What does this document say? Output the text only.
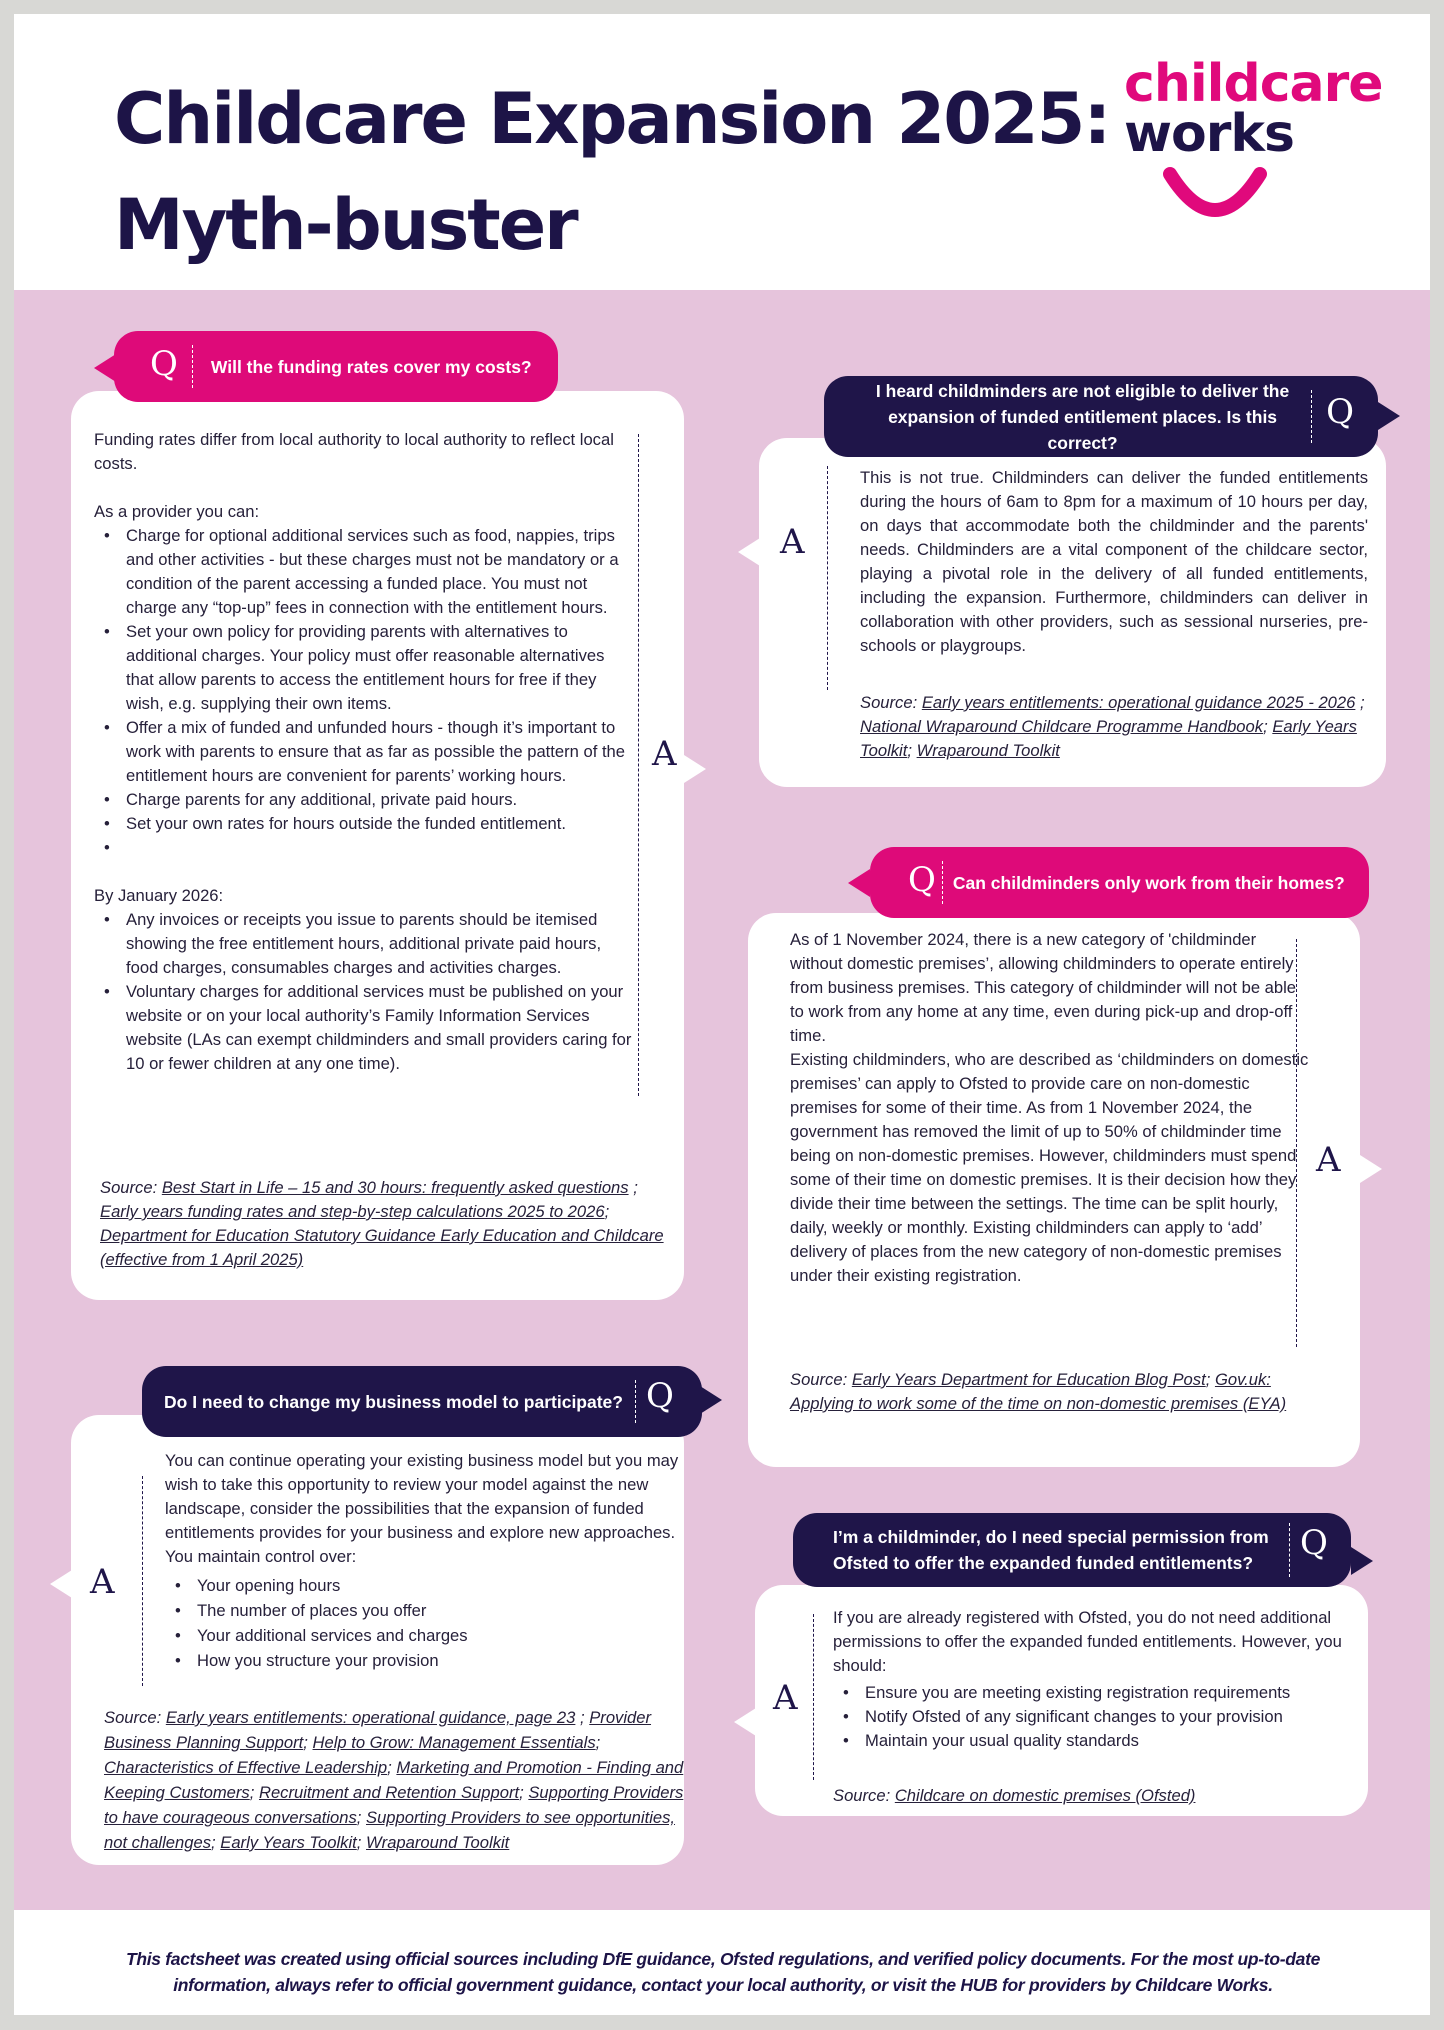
Childcare Expansion 2025:
Myth-buster
childcare
works
Q Will the funding rates cover my costs?

Funding rates differ from local authority to local authority to reflect local costs.

As a provider you can:

• Charge for optional additional services such as food, nappies, trips and other activities - but these charges must not be mandatory or a condition of the parent accessing a funded place. You must not charge any “top-up” fees in connection with the entitlement hours.
• Set your own policy for providing parents with alternatives to additional charges. Your policy must offer reasonable alternatives that allow parents to access the entitlement hours for free if they wish, e.g. supplying their own items.
• Offer a mix of funded and unfunded hours - though it’s important to work with parents to ensure that as far as possible the pattern of the entitlement hours are convenient for parents’ working hours.
• Charge parents for any additional, private paid hours.
• Set your own rates for hours outside the funded entitlement.
•

By January 2026:

• Any invoices or receipts you issue to parents should be itemised showing the free entitlement hours, additional private paid hours, food charges, consumables charges and activities charges.
• Voluntary charges for additional services must be published on your website or on your local authority’s Family Information Services website (LAs can exempt childminders and small providers caring for 10 or fewer children at any one time).
A
Source: Best Start in Life – 15 and 30 hours: frequently asked questions ; Early years funding rates and step-by-step calculations 2025 to 2026; Department for Education Statutory Guidance Early Education and Childcare (effective from 1 April 2025)
I heard childminders are not eligible to deliver the expansion of funded entitlement places. Is this correct?
Q
A

This is not true. Childminders can deliver the funded entitlements during the hours of 6am to 8pm for a maximum of 10 hours per day, on days that accommodate both the childminder and the parents' needs. Childminders are a vital component of the childcare sector, playing a pivotal role in the delivery of all funded entitlements, including the expansion. Furthermore, childminders can deliver in collaboration with other providers, such as sessional nurseries, pre-schools or playgroups.

Source: Early years entitlements: operational guidance 2025 - 2026 ; National Wraparound Childcare Programme Handbook; Early Years Toolkit; Wraparound Toolkit
Q Can childminders only work from their homes?

As of 1 November 2024, there is a new category of 'childminder without domestic premises’, allowing childminders to operate entirely from business premises. This category of childminder will not be able to work from any home at any time, even during pick-up and drop-off time.

Existing childminders, who are described as ‘childminders on domestic premises’ can apply to Ofsted to provide care on non-domestic premises for some of their time. As from 1 November 2024, the government has removed the limit of up to 50% of childminder time being on non-domestic premises. However, childminders must spend some of their time on domestic premises. It is their decision how they divide their time between the settings. The time can be split hourly, daily, weekly or monthly. Existing childminders can apply to ‘add’ delivery of places from the new category of non-domestic premises under their existing registration.

A
Source: Early Years Department for Education Blog Post; Gov.uk: Applying to work some of the time on non-domestic premises (EYA)
Do I need to change my business model to participate? Q
A

You can continue operating your existing business model but you may wish to take this opportunity to review your model against the new landscape, consider the possibilities that the expansion of funded entitlements provides for your business and explore new approaches. You maintain control over:

• Your opening hours
• The number of places you offer
• Your additional services and charges
• How you structure your provision
Source: Early years entitlements: operational guidance, page 23 ; Provider Business Planning Support; Help to Grow: Management Essentials; Characteristics of Effective Leadership; Marketing and Promotion - Finding and Keeping Customers; Recruitment and Retention Support; Supporting Providers to have courageous conversations; Supporting Providers to see opportunities, not challenges; Early Years Toolkit; Wraparound Toolkit
I’m a childminder, do I need special permission from Ofsted to offer the expanded funded entitlements?	Q
A

If you are already registered with Ofsted, you do not need additional permissions to offer the expanded funded entitlements. However, you should:

• Ensure you are meeting existing registration requirements
• Notify Ofsted of any significant changes to your provision
• Maintain your usual quality standards
Source: Childcare on domestic premises (Ofsted)

This factsheet was created using official sources including DfE guidance, Ofsted regulations, and verified policy documents. For the most up-to-date information, always refer to official government guidance, contact your local authority, or visit the HUB for providers by Childcare Works.
